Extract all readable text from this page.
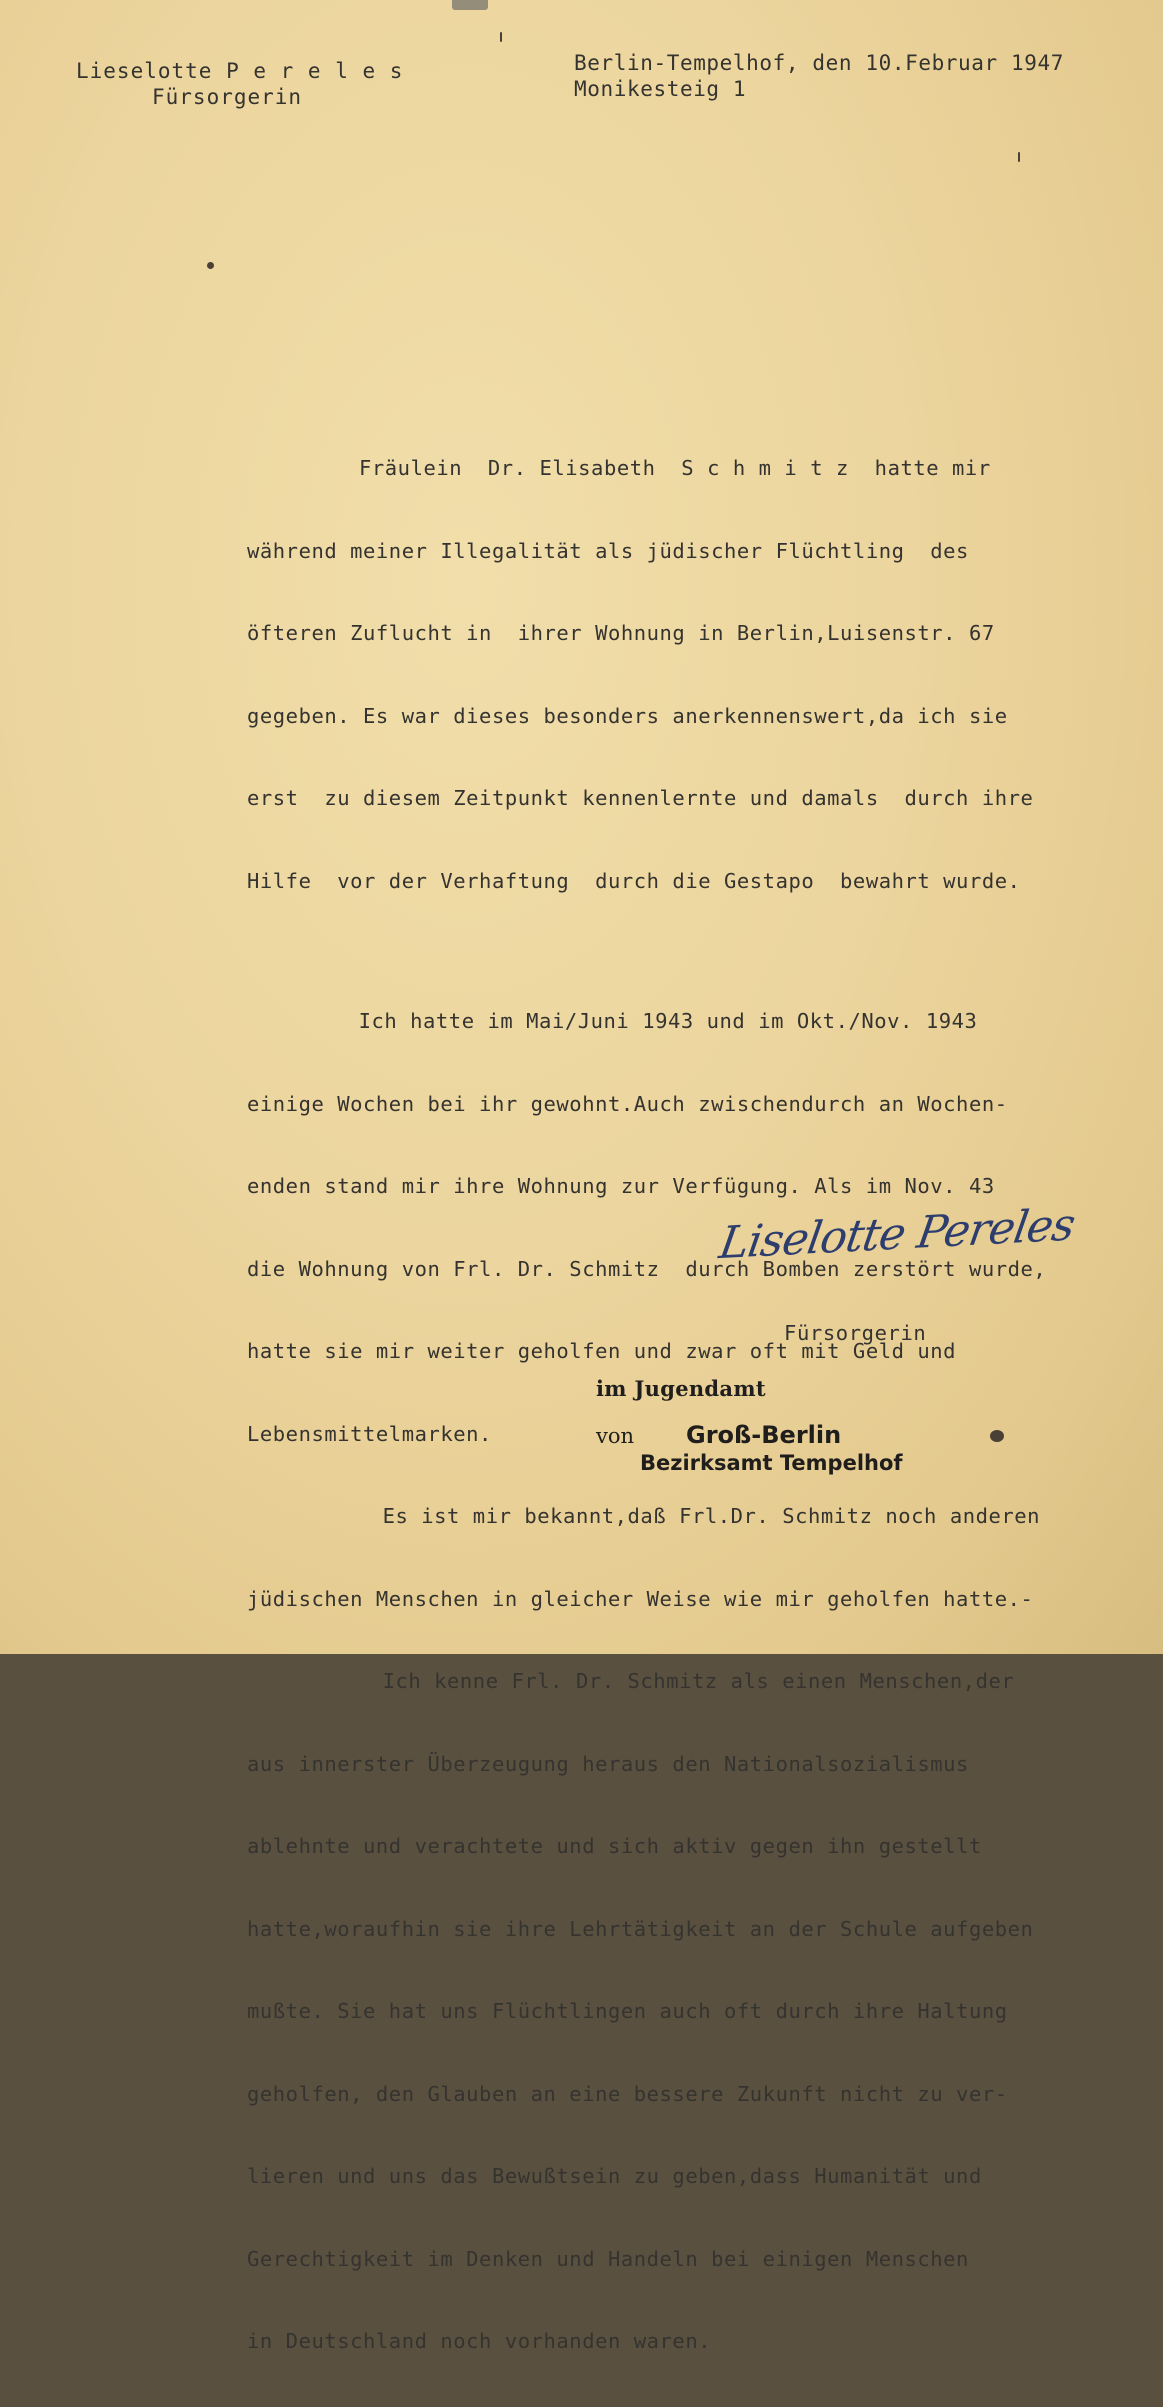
Lieselotte P e r e l e s
Fürsorgerin
Berlin-Tempelhof, den 10.Februar 1947
Monikesteig 1

Fräulein  Dr. Elisabeth  S c h m i t z  hatte mir

während meiner Illegalität als jüdischer Flüchtling  des

öfteren Zuflucht in  ihrer Wohnung in Berlin,Luisenstr. 67

gegeben. Es war dieses besonders anerkennenswert,da ich sie

erst  zu diesem Zeitpunkt kennenlernte und damals  durch ihre

Hilfe  vor der Verhaftung  durch die Gestapo  bewahrt wurde.

Ich hatte im Mai/Juni 1943 und im Okt./Nov. 1943

einige Wochen bei ihr gewohnt.Auch zwischendurch an Wochen-

enden stand mir ihre Wohnung zur Verfügung. Als im Nov. 43

die Wohnung von Frl. Dr. Schmitz  durch Bomben zerstört wurde,

hatte sie mir weiter geholfen und zwar oft mit Geld und

Lebensmittelmarken.

Es ist mir bekannt,daß Frl.Dr. Schmitz noch anderen

jüdischen Menschen in gleicher Weise wie mir geholfen hatte.-

Ich kenne Frl. Dr. Schmitz als einen Menschen,der

aus innerster Überzeugung heraus den Nationalsozialismus

ablehnte und verachtete und sich aktiv gegen ihn gestellt

hatte,woraufhin sie ihre Lehrtätigkeit an der Schule aufgeben

mußte. Sie hat uns Flüchtlingen auch oft durch ihre Haltung

geholfen, den Glauben an eine bessere Zukunft nicht zu ver-

lieren und uns das Bewußtsein zu geben,dass Humanität und

Gerechtigkeit im Denken und Handeln bei einigen Menschen

in Deutschland noch vorhanden waren.

Liselotte Pereles
Fürsorgerin
im Jugendamt
von Groß-Berlin
Bezirksamt Tempelhof
